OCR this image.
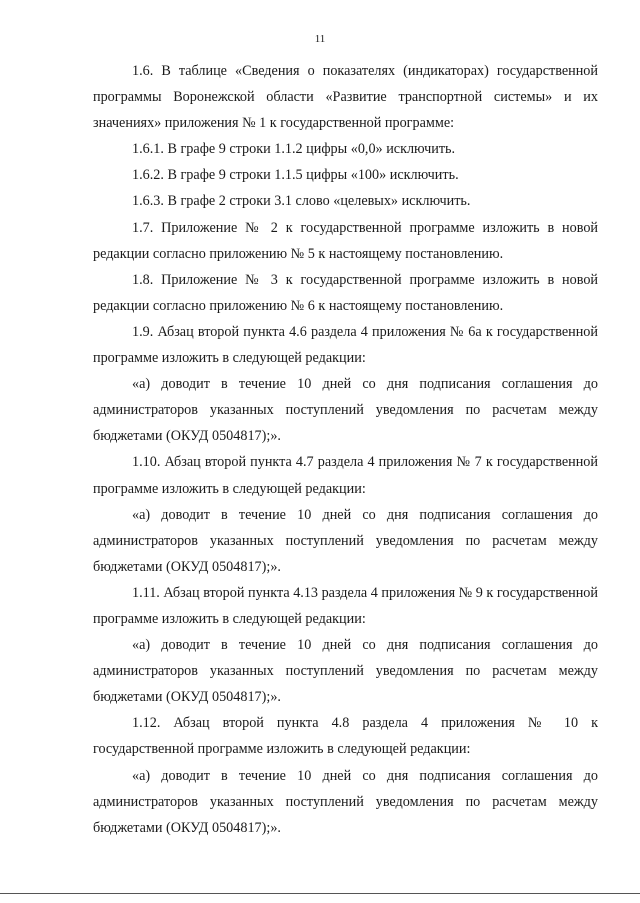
11

1.6. В таблице «Сведения о показателях (индикаторах) государственной программы Воронежской области «Развитие транспортной системы» и их значениях» приложения № 1 к государственной программе:

1.6.1. В графе 9 строки 1.1.2 цифры «0,0» исключить.

1.6.2. В графе 9 строки 1.1.5 цифры «100» исключить.

1.6.3. В графе 2 строки 3.1 слово «целевых» исключить.

1.7. Приложение № 2 к государственной программе изложить в новой редакции согласно приложению № 5 к настоящему постановлению.

1.8. Приложение № 3 к государственной программе изложить в новой редакции согласно приложению № 6 к настоящему постановлению.

1.9. Абзац второй пункта 4.6 раздела 4 приложения № 6а к государственной программе изложить в следующей редакции:

«а) доводит в течение 10 дней со дня подписания соглашения до администраторов указанных поступлений уведомления по расчетам между бюджетами (ОКУД 0504817);».

1.10. Абзац второй пункта 4.7 раздела 4 приложения № 7 к государственной программе изложить в следующей редакции:

«а) доводит в течение 10 дней со дня подписания соглашения до администраторов указанных поступлений уведомления по расчетам между бюджетами (ОКУД 0504817);».

1.11. Абзац второй пункта 4.13 раздела 4 приложения № 9 к государственной программе изложить в следующей редакции:

«а) доводит в течение 10 дней со дня подписания соглашения до администраторов указанных поступлений уведомления по расчетам между бюджетами (ОКУД 0504817);».

1.12. Абзац второй пункта 4.8 раздела 4 приложения № 10 к государственной программе изложить в следующей редакции:

«а) доводит в течение 10 дней со дня подписания соглашения до администраторов указанных поступлений уведомления по расчетам между бюджетами (ОКУД 0504817);».
